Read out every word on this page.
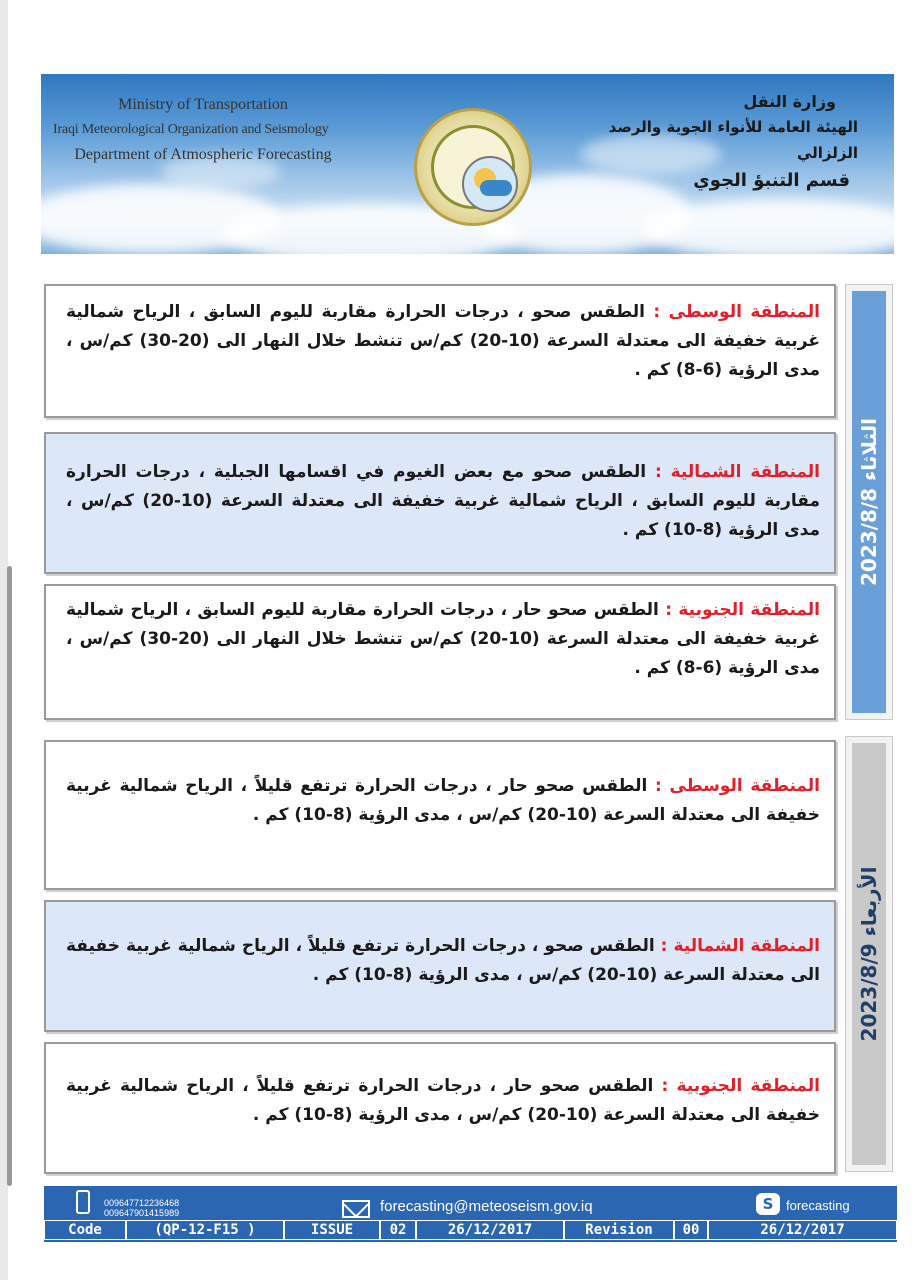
Ministry of Transportation
Iraqi Meteorological Organization and Seismology
Department of Atmospheric Forecasting
وزارة النقل
الهيئة العامة للأنواء الجوية والرصد الزلزالي
قسم التنبؤ الجوي
الثلاثاء 2023/8/8
المنطقة الوسطى : الطقس صحو ، درجات الحرارة مقاربة لليوم السابق ، الرياح شمالية غربية خفيفة الى معتدلة السرعة (10-20) كم/س تنشط خلال النهار الى (20-30) كم/س ، مدى الرؤية (6-8) كم .
المنطقة الشمالية : الطقس صحو مع بعض الغيوم في اقسامها الجبلية ، درجات الحرارة مقاربة لليوم السابق ، الرياح شمالية غربية خفيفة الى معتدلة السرعة (10-20) كم/س ، مدى الرؤية (8-10) كم .
المنطقة الجنوبية : الطقس صحو حار ، درجات الحرارة مقاربة لليوم السابق ، الرياح شمالية غربية خفيفة الى معتدلة السرعة (10-20) كم/س تنشط خلال النهار الى (20-30) كم/س ، مدى الرؤية (6-8) كم .
الأربعاء 2023/8/9
المنطقة الوسطى : الطقس صحو حار ، درجات الحرارة ترتفع قليلاً ، الرياح شمالية غربية خفيفة الى معتدلة السرعة (10-20) كم/س ، مدى الرؤية (8-10) كم .
المنطقة الشمالية : الطقس صحو ، درجات الحرارة ترتفع قليلاً ، الرياح شمالية غربية خفيفة الى معتدلة السرعة (10-20) كم/س ، مدى الرؤية (8-10) كم .
المنطقة الجنوبية : الطقس صحو حار ، درجات الحرارة ترتفع قليلاً ، الرياح شمالية غربية خفيفة الى معتدلة السرعة (10-20) كم/س ، مدى الرؤية (8-10) كم .
009647712236468
009647901415989	forecasting@meteoseism.gov.iq	S forecasting
Code	(QP-12-F15 )	ISSUE	02	26/12/2017	Revision	00	26/12/2017
